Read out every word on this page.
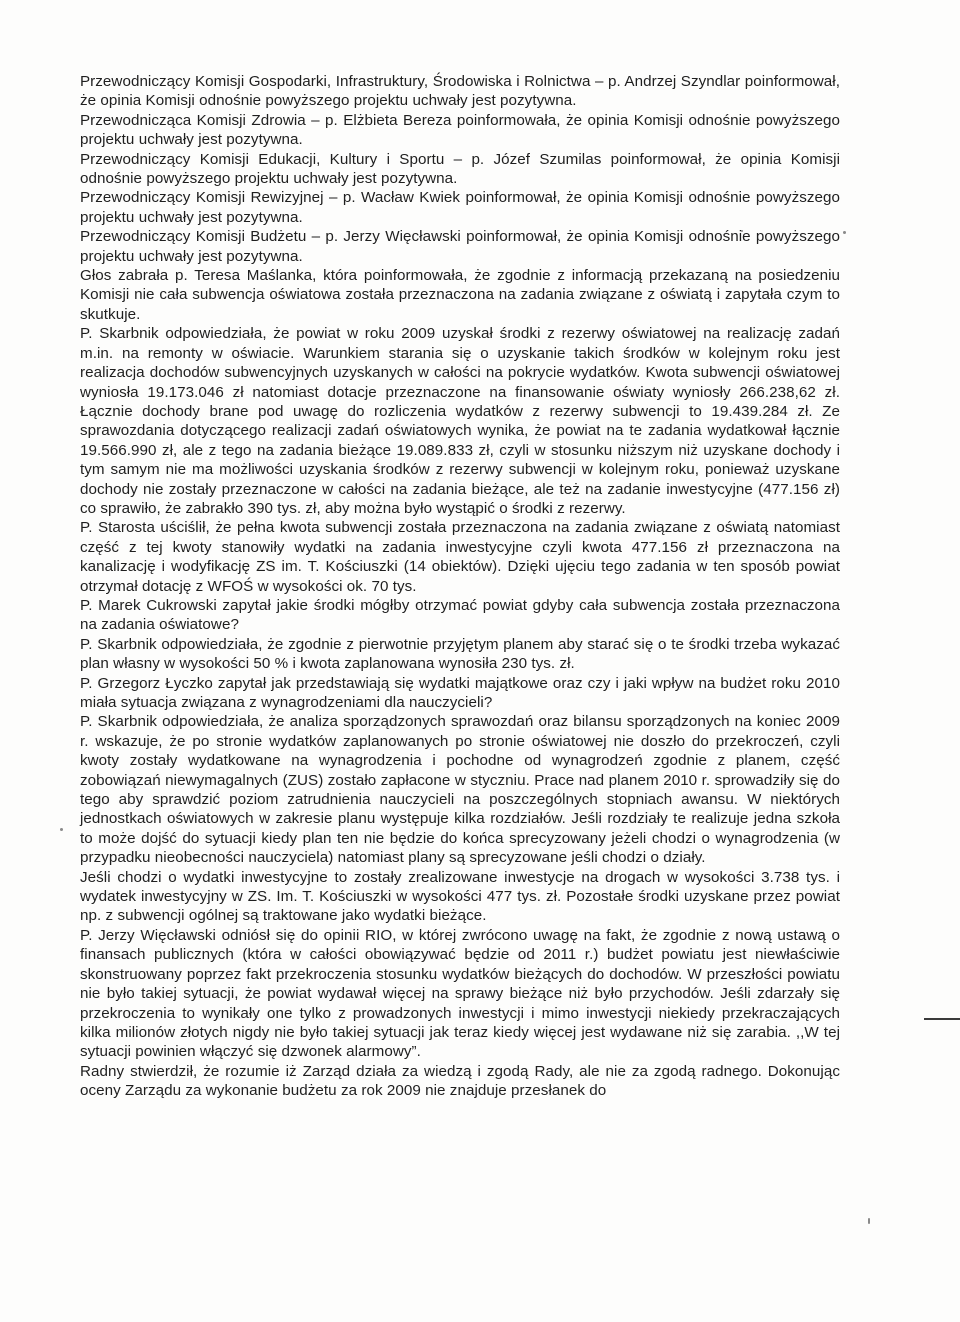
Przewodniczący Komisji Gospodarki, Infrastruktury, Środowiska i Rolnictwa – p. Andrzej Szyndlar poinformował, że opinia Komisji odnośnie powyższego projektu uchwały jest pozytywna.

Przewodnicząca Komisji Zdrowia – p. Elżbieta Bereza poinformowała, że opinia Komisji odnośnie powyższego projektu uchwały jest pozytywna.

Przewodniczący Komisji Edukacji, Kultury i Sportu – p. Józef Szumilas poinformował, że opinia Komisji odnośnie powyższego projektu uchwały jest pozytywna.

Przewodniczący Komisji Rewizyjnej – p. Wacław Kwiek poinformował, że opinia Komisji odnośnie powyższego projektu uchwały jest pozytywna.

Przewodniczący Komisji Budżetu – p. Jerzy Więcławski poinformował, że opinia Komisji odnośnie powyższego projektu uchwały jest pozytywna.

Głos zabrała p. Teresa Maślanka, która poinformowała, że zgodnie z informacją przekazaną na posiedzeniu Komisji nie cała subwencja oświatowa została przeznaczona na zadania związane z oświatą i zapytała czym to skutkuje.

P. Skarbnik odpowiedziała, że powiat w roku 2009 uzyskał środki z rezerwy oświatowej na realizację zadań m.in. na remonty w oświacie. Warunkiem starania się o uzyskanie takich środków w kolejnym roku jest realizacja dochodów subwencyjnych uzyskanych w całości na pokrycie wydatków. Kwota subwencji oświatowej wyniosła 19.173.046 zł natomiast dotacje przeznaczone na finansowanie oświaty wyniosły 266.238,62 zł. Łącznie dochody brane pod uwagę do rozliczenia wydatków z rezerwy subwencji to 19.439.284 zł. Ze sprawozdania dotyczącego realizacji zadań oświatowych wynika, że powiat na te zadania wydatkował łącznie 19.566.990 zł, ale z tego na zadania bieżące 19.089.833 zł, czyli w stosunku niższym niż uzyskane dochody i tym samym nie ma możliwości uzyskania środków z rezerwy subwencji w kolejnym roku, ponieważ uzyskane dochody nie zostały przeznaczone w całości na zadania bieżące, ale też na zadanie inwestycyjne (477.156 zł) co sprawiło, że zabrakło 390 tys. zł, aby można było wystąpić o środki z rezerwy.

P. Starosta uściślił, że pełna kwota subwencji została przeznaczona na zadania związane z oświatą natomiast część z tej kwoty stanowiły wydatki na zadania inwestycyjne czyli kwota 477.156 zł przeznaczona na kanalizację i wodyfikację ZS im. T. Kościuszki (14 obiektów). Dzięki ujęciu tego zadania w ten sposób powiat otrzymał dotację z WFOŚ w wysokości ok. 70 tys.

P. Marek Cukrowski zapytał jakie środki mógłby otrzymać powiat gdyby cała subwencja została przeznaczona na zadania oświatowe?

P. Skarbnik odpowiedziała, że zgodnie z pierwotnie przyjętym planem aby starać się o te środki trzeba wykazać plan własny w wysokości 50 % i kwota zaplanowana wynosiła 230 tys. zł.

P. Grzegorz Łyczko zapytał jak przedstawiają się wydatki majątkowe oraz czy i jaki wpływ na budżet roku 2010 miała sytuacja związana z wynagrodzeniami dla nauczycieli?

P. Skarbnik odpowiedziała, że analiza sporządzonych sprawozdań oraz bilansu sporządzonych na koniec 2009 r. wskazuje, że po stronie wydatków zaplanowanych po stronie oświatowej nie doszło do przekroczeń, czyli kwoty zostały wydatkowane na wynagrodzenia i pochodne od wynagrodzeń zgodnie z planem, część zobowiązań niewymagalnych (ZUS) zostało zapłacone w styczniu. Prace nad planem 2010 r. sprowadziły się do tego aby sprawdzić poziom zatrudnienia nauczycieli na poszczególnych stopniach awansu. W niektórych jednostkach oświatowych w zakresie planu występuje kilka rozdziałów. Jeśli rozdziały te realizuje jedna szkoła to może dojść do sytuacji kiedy plan ten nie będzie do końca sprecyzowany jeżeli chodzi o wynagrodzenia (w przypadku nieobecności nauczyciela) natomiast plany są sprecyzowane jeśli chodzi o działy.

Jeśli chodzi o wydatki inwestycyjne to zostały zrealizowane inwestycje na drogach w wysokości 3.738 tys. i wydatek inwestycyjny w ZS. Im. T. Kościuszki w wysokości 477 tys. zł. Pozostałe środki uzyskane przez powiat np. z subwencji ogólnej są traktowane jako wydatki bieżące.

P. Jerzy Więcławski odniósł się do opinii RIO, w której zwrócono uwagę na fakt, że zgodnie z nową ustawą o finansach publicznych (która w całości obowiązywać będzie od 2011 r.) budżet powiatu jest niewłaściwie skonstruowany poprzez fakt przekroczenia stosunku wydatków bieżących do dochodów. W przeszłości powiatu nie było takiej sytuacji, że powiat wydawał więcej na sprawy bieżące niż było przychodów. Jeśli zdarzały się przekroczenia to wynikały one tylko z prowadzonych inwestycji i mimo inwestycji niekiedy przekraczających kilka milionów złotych nigdy nie było takiej sytuacji jak teraz kiedy więcej jest wydawane niż się zarabia. ,,W tej sytuacji powinien włączyć się dzwonek alarmowy”.

Radny stwierdził, że rozumie iż Zarząd działa za wiedzą i zgodą Rady, ale nie za zgodą radnego. Dokonując oceny Zarządu za wykonanie budżetu za rok 2009 nie znajduje przesłanek do
